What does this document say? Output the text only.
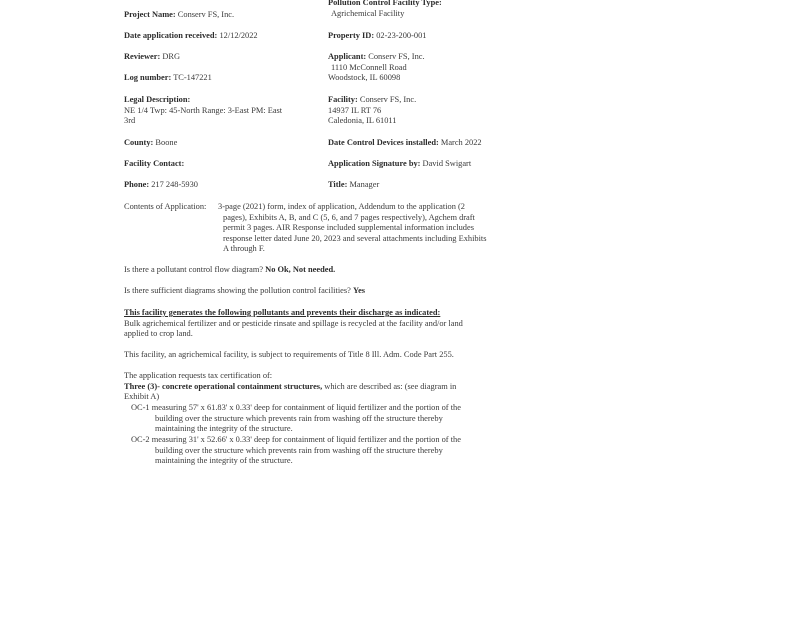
Pollution Control Facility Type:
Agrichemical Facility
Project Name: Conserv FS, Inc.
Date application received: 12/12/2022	Property ID: 02-23-200-001
Reviewer: DRG	Applicant: Conserv FS, Inc.
1110 McConnell Road
Woodstock, IL 60098
Log number: TC-147221
Legal Description:
NE 1/4 Twp: 45-North Range: 3-East PM: East
3rd
Facility: Conserv FS, Inc.
14937 IL RT 76
Caledonia, IL 61011
County: Boone	Date Control Devices installed: March 2022
Facility Contact:	Application Signature by: David Swigart
Phone: 217 248-5930	Title: Manager
Contents of Application: 3-page (2021) form, index of application, Addendum to the application (2
pages), Exhibits A, B, and C (5, 6, and 7 pages respectively), Agchem draft
permit 3 pages. AIR Response included supplemental information includes
response letter dated June 20, 2023 and several attachments including Exhibits
A through F.
Is there a pollutant control flow diagram? No Ok, Not needed.
Is there sufficient diagrams showing the pollution control facilities? Yes
This facility generates the following pollutants and prevents their discharge as indicated:
Bulk agrichemical fertilizer and or pesticide rinsate and spillage is recycled at the facility and/or land
applied to crop land.
This facility, an agrichemical facility, is subject to requirements of Title 8 Ill. Adm. Code Part 255.
The application requests tax certification of:
Three (3)- concrete operational containment structures, which are described as: (see diagram in
Exhibit A)
OC-1 measuring 57' x 61.83' x 0.33' deep for containment of liquid fertilizer and the portion of the
building over the structure which prevents rain from washing off the structure thereby
maintaining the integrity of the structure.
OC-2 measuring 31' x 52.66' x 0.33' deep for containment of liquid fertilizer and the portion of the
building over the structure which prevents rain from washing off the structure thereby
maintaining the integrity of the structure.
